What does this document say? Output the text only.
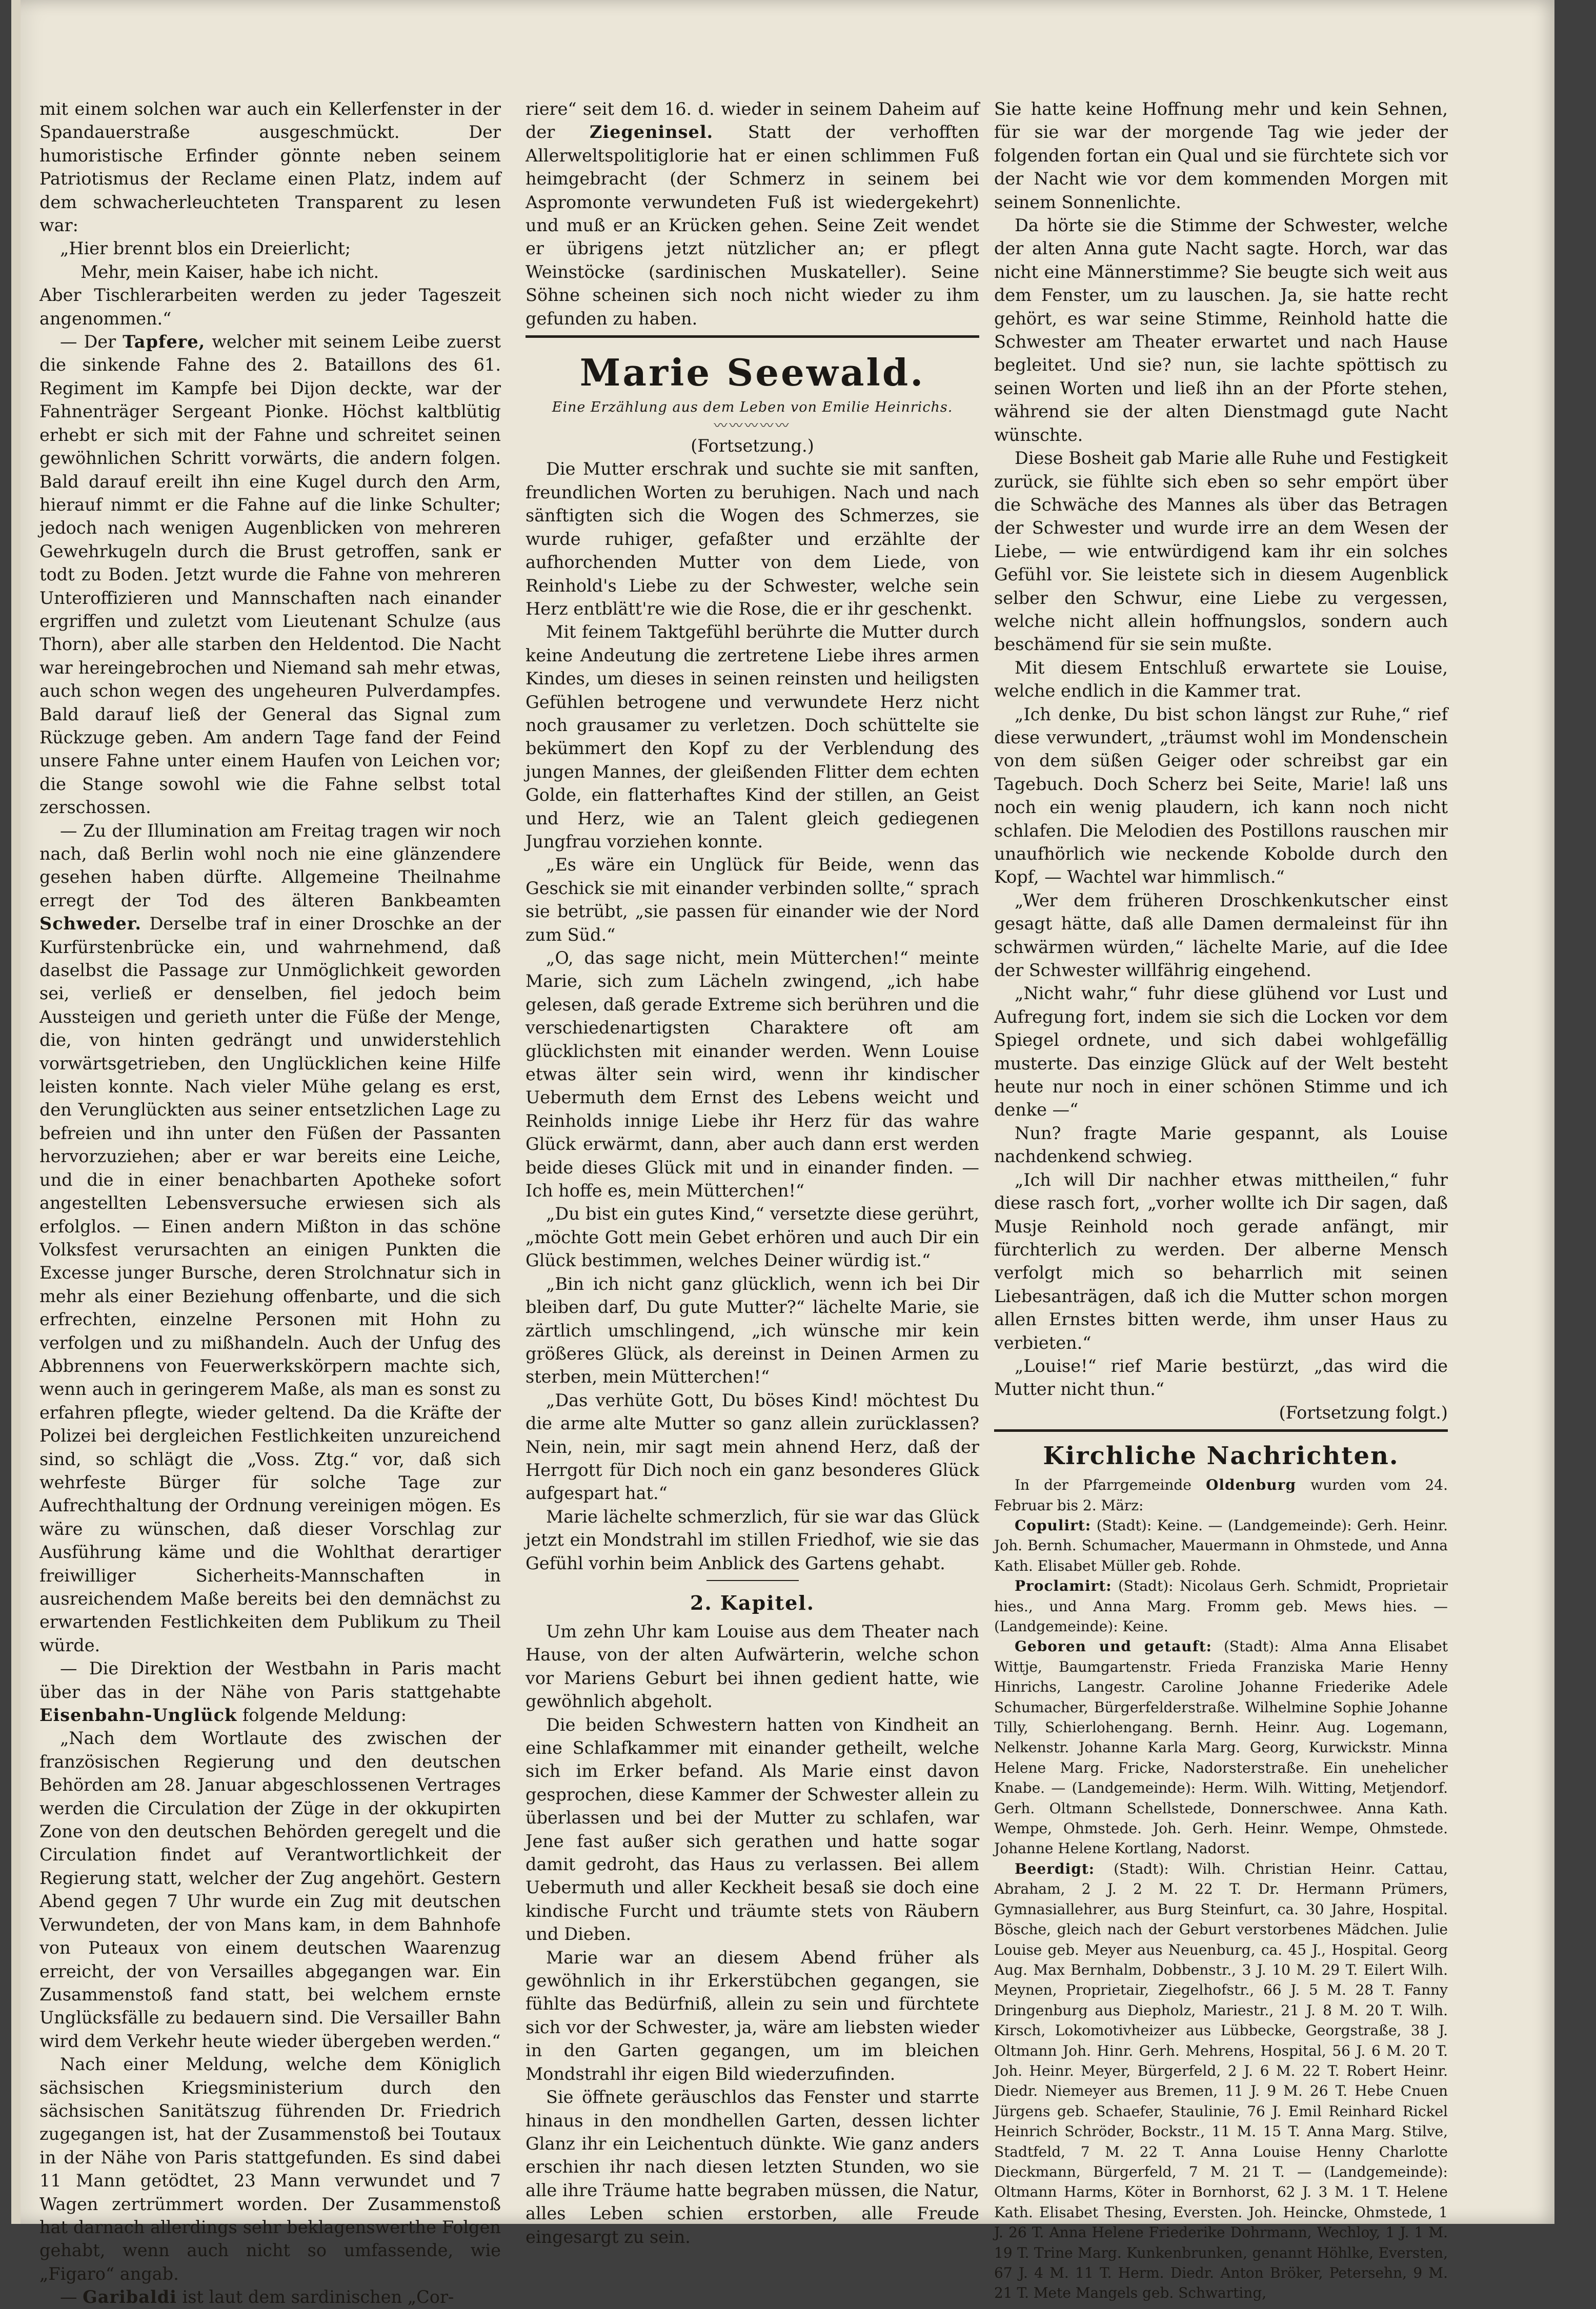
mit einem solchen war auch ein Kellerfenster in der Spandauerstraße ausgeschmückt. Der humoristische Erfinder gönnte neben seinem Patriotismus der Reclame einen Platz, indem auf dem schwacherleuchteten Transparent zu lesen war:

„Hier brennt blos ein Dreierlicht;

Mehr, mein Kaiser, habe ich nicht.

Aber Tischlerarbeiten werden zu jeder Tageszeit angenommen.“

— Der Tapfere, welcher mit seinem Leibe zuerst die sinkende Fahne des 2. Bataillons des 61. Regiment im Kampfe bei Dijon deckte, war der Fahnenträger Sergeant Pionke. Höchst kaltblütig erhebt er sich mit der Fahne und schreitet seinen gewöhnlichen Schritt vorwärts, die andern folgen. Bald darauf ereilt ihn eine Kugel durch den Arm, hierauf nimmt er die Fahne auf die linke Schulter; jedoch nach wenigen Augenblicken von mehreren Gewehrkugeln durch die Brust getroffen, sank er todt zu Boden. Jetzt wurde die Fahne von mehreren Unteroffizieren und Mannschaften nach einander ergriffen und zuletzt vom Lieutenant Schulze (aus Thorn), aber alle starben den Heldentod. Die Nacht war hereingebrochen und Niemand sah mehr etwas, auch schon wegen des ungeheuren Pulverdampfes. Bald darauf ließ der General das Signal zum Rückzuge geben. Am andern Tage fand der Feind unsere Fahne unter einem Haufen von Leichen vor; die Stange sowohl wie die Fahne selbst total zerschossen.

— Zu der Illumination am Freitag tragen wir noch nach, daß Berlin wohl noch nie eine glänzendere gesehen haben dürfte. Allgemeine Theilnahme erregt der Tod des älteren Bankbeamten Schweder. Derselbe traf in einer Droschke an der Kurfürstenbrücke ein, und wahrnehmend, daß daselbst die Passage zur Unmöglichkeit geworden sei, verließ er denselben, fiel jedoch beim Aussteigen und gerieth unter die Füße der Menge, die, von hinten gedrängt und unwiderstehlich vorwärtsgetrieben, den Unglücklichen keine Hilfe leisten konnte. Nach vieler Mühe gelang es erst, den Verunglückten aus seiner entsetzlichen Lage zu befreien und ihn unter den Füßen der Passanten hervorzuziehen; aber er war bereits eine Leiche, und die in einer benachbarten Apotheke sofort angestellten Lebensversuche erwiesen sich als erfolglos. — Einen andern Mißton in das schöne Volksfest verursachten an einigen Punkten die Excesse junger Bursche, deren Strolchnatur sich in mehr als einer Beziehung offenbarte, und die sich erfrechten, einzelne Personen mit Hohn zu verfolgen und zu mißhandeln. Auch der Unfug des Abbrennens von Feuerwerkskörpern machte sich, wenn auch in geringerem Maße, als man es sonst zu erfahren pflegte, wieder geltend. Da die Kräfte der Polizei bei dergleichen Festlichkeiten unzureichend sind, so schlägt die „Voss. Ztg.“ vor, daß sich wehrfeste Bürger für solche Tage zur Aufrechthaltung der Ordnung vereinigen mögen. Es wäre zu wünschen, daß dieser Vorschlag zur Ausführung käme und die Wohlthat derartiger freiwilliger Sicherheits-Mannschaften in ausreichendem Maße bereits bei den demnächst zu erwartenden Festlichkeiten dem Publikum zu Theil würde.

— Die Direktion der Westbahn in Paris macht über das in der Nähe von Paris stattgehabte Eisenbahn-Unglück folgende Meldung:

„Nach dem Wortlaute des zwischen der französischen Regierung und den deutschen Behörden am 28. Januar abgeschlossenen Vertrages werden die Circulation der Züge in der okkupirten Zone von den deutschen Behörden geregelt und die Circulation findet auf Verantwortlichkeit der Regierung statt, welcher der Zug angehört. Gestern Abend gegen 7 Uhr wurde ein Zug mit deutschen Verwundeten, der von Mans kam, in dem Bahnhofe von Puteaux von einem deutschen Waarenzug erreicht, der von Versailles abgegangen war. Ein Zusammenstoß fand statt, bei welchem ernste Unglücksfälle zu bedauern sind. Die Versailler Bahn wird dem Verkehr heute wieder übergeben werden.“

Nach einer Meldung, welche dem Königlich sächsischen Kriegsministerium durch den sächsischen Sanitätszug führenden Dr. Friedrich zugegangen ist, hat der Zusammenstoß bei Toutaux in der Nähe von Paris stattgefunden. Es sind dabei 11 Mann getödtet, 23 Mann verwundet und 7 Wagen zertrümmert worden. Der Zusammenstoß hat darnach allerdings sehr beklagenswerthe Folgen gehabt, wenn auch nicht so umfassende, wie „Figaro“ angab.

— Garibaldi ist laut dem sardinischen „Cor-

riere“ seit dem 16. d. wieder in seinem Daheim auf der Ziegeninsel. Statt der verhofften Allerweltspolitiglorie hat er einen schlimmen Fuß heimgebracht (der Schmerz in seinem bei Aspromonte verwundeten Fuß ist wiedergekehrt) und muß er an Krücken gehen. Seine Zeit wendet er übrigens jetzt nützlicher an; er pflegt Weinstöcke (sardinischen Muskateller). Seine Söhne scheinen sich noch nicht wieder zu ihm gefunden zu haben.

Marie Seewald.
Eine Erzählung aus dem Leben von Emilie Heinrichs.
〰〰〰〰〰

(Fortsetzung.)

Die Mutter erschrak und suchte sie mit sanften, freundlichen Worten zu beruhigen. Nach und nach sänftigten sich die Wogen des Schmerzes, sie wurde ruhiger, gefaßter und erzählte der aufhorchenden Mutter von dem Liede, von Reinhold's Liebe zu der Schwester, welche sein Herz entblätt're wie die Rose, die er ihr geschenkt.

Mit feinem Taktgefühl berührte die Mutter durch keine Andeutung die zertretene Liebe ihres armen Kindes, um dieses in seinen reinsten und heiligsten Gefühlen betrogene und verwundete Herz nicht noch grausamer zu verletzen. Doch schüttelte sie bekümmert den Kopf zu der Verblendung des jungen Mannes, der gleißenden Flitter dem echten Golde, ein flatterhaftes Kind der stillen, an Geist und Herz, wie an Talent gleich gediegenen Jungfrau vorziehen konnte.

„Es wäre ein Unglück für Beide, wenn das Geschick sie mit einander verbinden sollte,“ sprach sie betrübt, „sie passen für einander wie der Nord zum Süd.“

„O, das sage nicht, mein Mütterchen!“ meinte Marie, sich zum Lächeln zwingend, „ich habe gelesen, daß gerade Extreme sich berühren und die verschiedenartigsten Charaktere oft am glücklichsten mit einander werden. Wenn Louise etwas älter sein wird, wenn ihr kindischer Uebermuth dem Ernst des Lebens weicht und Reinholds innige Liebe ihr Herz für das wahre Glück erwärmt, dann, aber auch dann erst werden beide dieses Glück mit und in einander finden. — Ich hoffe es, mein Mütterchen!“

„Du bist ein gutes Kind,“ versetzte diese gerührt, „möchte Gott mein Gebet erhören und auch Dir ein Glück bestimmen, welches Deiner würdig ist.“

„Bin ich nicht ganz glücklich, wenn ich bei Dir bleiben darf, Du gute Mutter?“ lächelte Marie, sie zärtlich umschlingend, „ich wünsche mir kein größeres Glück, als dereinst in Deinen Armen zu sterben, mein Mütterchen!“

„Das verhüte Gott, Du böses Kind! möchtest Du die arme alte Mutter so ganz allein zurücklassen? Nein, nein, mir sagt mein ahnend Herz, daß der Herrgott für Dich noch ein ganz besonderes Glück aufgespart hat.“

Marie lächelte schmerzlich, für sie war das Glück jetzt ein Mondstrahl im stillen Friedhof, wie sie das Gefühl vorhin beim Anblick des Gartens gehabt.

2. Kapitel.

Um zehn Uhr kam Louise aus dem Theater nach Hause, von der alten Aufwärterin, welche schon vor Mariens Geburt bei ihnen gedient hatte, wie gewöhnlich abgeholt.

Die beiden Schwestern hatten von Kindheit an eine Schlafkammer mit einander getheilt, welche sich im Erker befand. Als Marie einst davon gesprochen, diese Kammer der Schwester allein zu überlassen und bei der Mutter zu schlafen, war Jene fast außer sich gerathen und hatte sogar damit gedroht, das Haus zu verlassen. Bei allem Uebermuth und aller Keckheit besaß sie doch eine kindische Furcht und träumte stets von Räubern und Dieben.

Marie war an diesem Abend früher als gewöhnlich in ihr Erkerstübchen gegangen, sie fühlte das Bedürfniß, allein zu sein und fürchtete sich vor der Schwester, ja, wäre am liebsten wieder in den Garten gegangen, um im bleichen Mondstrahl ihr eigen Bild wiederzufinden.

Sie öffnete geräuschlos das Fenster und starrte hinaus in den mondhellen Garten, dessen lichter Glanz ihr ein Leichentuch dünkte. Wie ganz anders erschien ihr nach diesen letzten Stunden, wo sie alle ihre Träume hatte begraben müssen, die Natur, alles Leben schien erstorben, alle Freude eingesargt zu sein.

Sie hatte keine Hoffnung mehr und kein Sehnen, für sie war der morgende Tag wie jeder der folgenden fortan ein Qual und sie fürchtete sich vor der Nacht wie vor dem kommenden Morgen mit seinem Sonnenlichte.

Da hörte sie die Stimme der Schwester, welche der alten Anna gute Nacht sagte. Horch, war das nicht eine Männerstimme? Sie beugte sich weit aus dem Fenster, um zu lauschen. Ja, sie hatte recht gehört, es war seine Stimme, Reinhold hatte die Schwester am Theater erwartet und nach Hause begleitet. Und sie? nun, sie lachte spöttisch zu seinen Worten und ließ ihn an der Pforte stehen, während sie der alten Dienstmagd gute Nacht wünschte.

Diese Bosheit gab Marie alle Ruhe und Festigkeit zurück, sie fühlte sich eben so sehr empört über die Schwäche des Mannes als über das Betragen der Schwester und wurde irre an dem Wesen der Liebe, — wie entwürdigend kam ihr ein solches Gefühl vor. Sie leistete sich in diesem Augenblick selber den Schwur, eine Liebe zu vergessen, welche nicht allein hoffnungslos, sondern auch beschämend für sie sein mußte.

Mit diesem Entschluß erwartete sie Louise, welche endlich in die Kammer trat.

„Ich denke, Du bist schon längst zur Ruhe,“ rief diese verwundert, „träumst wohl im Mondenschein von dem süßen Geiger oder schreibst gar ein Tagebuch. Doch Scherz bei Seite, Marie! laß uns noch ein wenig plaudern, ich kann noch nicht schlafen. Die Melodien des Postillons rauschen mir unaufhörlich wie neckende Kobolde durch den Kopf, — Wachtel war himmlisch.“

„Wer dem früheren Droschkenkutscher einst gesagt hätte, daß alle Damen dermaleinst für ihn schwärmen würden,“ lächelte Marie, auf die Idee der Schwester willfährig eingehend.

„Nicht wahr,“ fuhr diese glühend vor Lust und Aufregung fort, indem sie sich die Locken vor dem Spiegel ordnete, und sich dabei wohlgefällig musterte. Das einzige Glück auf der Welt besteht heute nur noch in einer schönen Stimme und ich denke —“

Nun? fragte Marie gespannt, als Louise nachdenkend schwieg.

„Ich will Dir nachher etwas mittheilen,“ fuhr diese rasch fort, „vorher wollte ich Dir sagen, daß Musje Reinhold noch gerade anfängt, mir fürchterlich zu werden. Der alberne Mensch verfolgt mich so beharrlich mit seinen Liebesanträgen, daß ich die Mutter schon morgen allen Ernstes bitten werde, ihm unser Haus zu verbieten.“

„Louise!“ rief Marie bestürzt, „das wird die Mutter nicht thun.“

(Fortsetzung folgt.)

Kirchliche Nachrichten.

In der Pfarrgemeinde Oldenburg wurden vom 24. Februar bis 2. März:

Copulirt: (Stadt): Keine. — (Landgemeinde): Gerh. Heinr. Joh. Bernh. Schumacher, Mauermann in Ohmstede, und Anna Kath. Elisabet Müller geb. Rohde.

Proclamirt: (Stadt): Nicolaus Gerh. Schmidt, Proprietair hies., und Anna Marg. Fromm geb. Mews hies. — (Landgemeinde): Keine.

Geboren und getauft: (Stadt): Alma Anna Elisabet Wittje, Baumgartenstr. Frieda Franziska Marie Henny Hinrichs, Langestr. Caroline Johanne Friederike Adele Schumacher, Bürgerfelderstraße. Wilhelmine Sophie Johanne Tilly, Schierlohengang. Bernh. Heinr. Aug. Logemann, Nelkenstr. Johanne Karla Marg. Georg, Kurwickstr. Minna Helene Marg. Fricke, Nadorsterstraße. Ein unehelicher Knabe. — (Landgemeinde): Herm. Wilh. Witting, Metjendorf. Gerh. Oltmann Schellstede, Donnerschwee. Anna Kath. Wempe, Ohmstede. Joh. Gerh. Heinr. Wempe, Ohmstede. Johanne Helene Kortlang, Nadorst.

Beerdigt: (Stadt): Wilh. Christian Heinr. Cattau, Abraham, 2 J. 2 M. 22 T. Dr. Hermann Prümers, Gymnasiallehrer, aus Burg Steinfurt, ca. 30 Jahre, Hospital. Bösche, gleich nach der Geburt verstorbenes Mädchen. Julie Louise geb. Meyer aus Neuenburg, ca. 45 J., Hospital. Georg Aug. Max Bernhalm, Dobbenstr., 3 J. 10 M. 29 T. Eilert Wilh. Meynen, Proprietair, Ziegelhofstr., 66 J. 5 M. 28 T. Fanny Dringenburg aus Diepholz, Mariestr., 21 J. 8 M. 20 T. Wilh. Kirsch, Lokomotivheizer aus Lübbecke, Georgstraße, 38 J. Oltmann Joh. Hinr. Gerh. Mehrens, Hospital, 56 J. 6 M. 20 T. Joh. Heinr. Meyer, Bürgerfeld, 2 J. 6 M. 22 T. Robert Heinr. Diedr. Niemeyer aus Bremen, 11 J. 9 M. 26 T. Hebe Cnuen Jürgens geb. Schaefer, Staulinie, 76 J. Emil Reinhard Rickel Heinrich Schröder, Bockstr., 11 M. 15 T. Anna Marg. Stilve, Stadtfeld, 7 M. 22 T. Anna Louise Henny Charlotte Dieckmann, Bürgerfeld, 7 M. 21 T. — (Landgemeinde): Oltmann Harms, Köter in Bornhorst, 62 J. 3 M. 1 T. Helene Kath. Elisabet Thesing, Eversten. Joh. Heincke, Ohmstede, 1 J. 26 T. Anna Helene Friederike Dohrmann, Wechloy, 1 J. 1 M. 19 T. Trine Marg. Kunkenbrunken, genannt Höhlke, Eversten, 67 J. 4 M. 11 T. Herm. Diedr. Anton Bröker, Petersehn, 9 M. 21 T. Mete Mangels geb. Schwarting,
